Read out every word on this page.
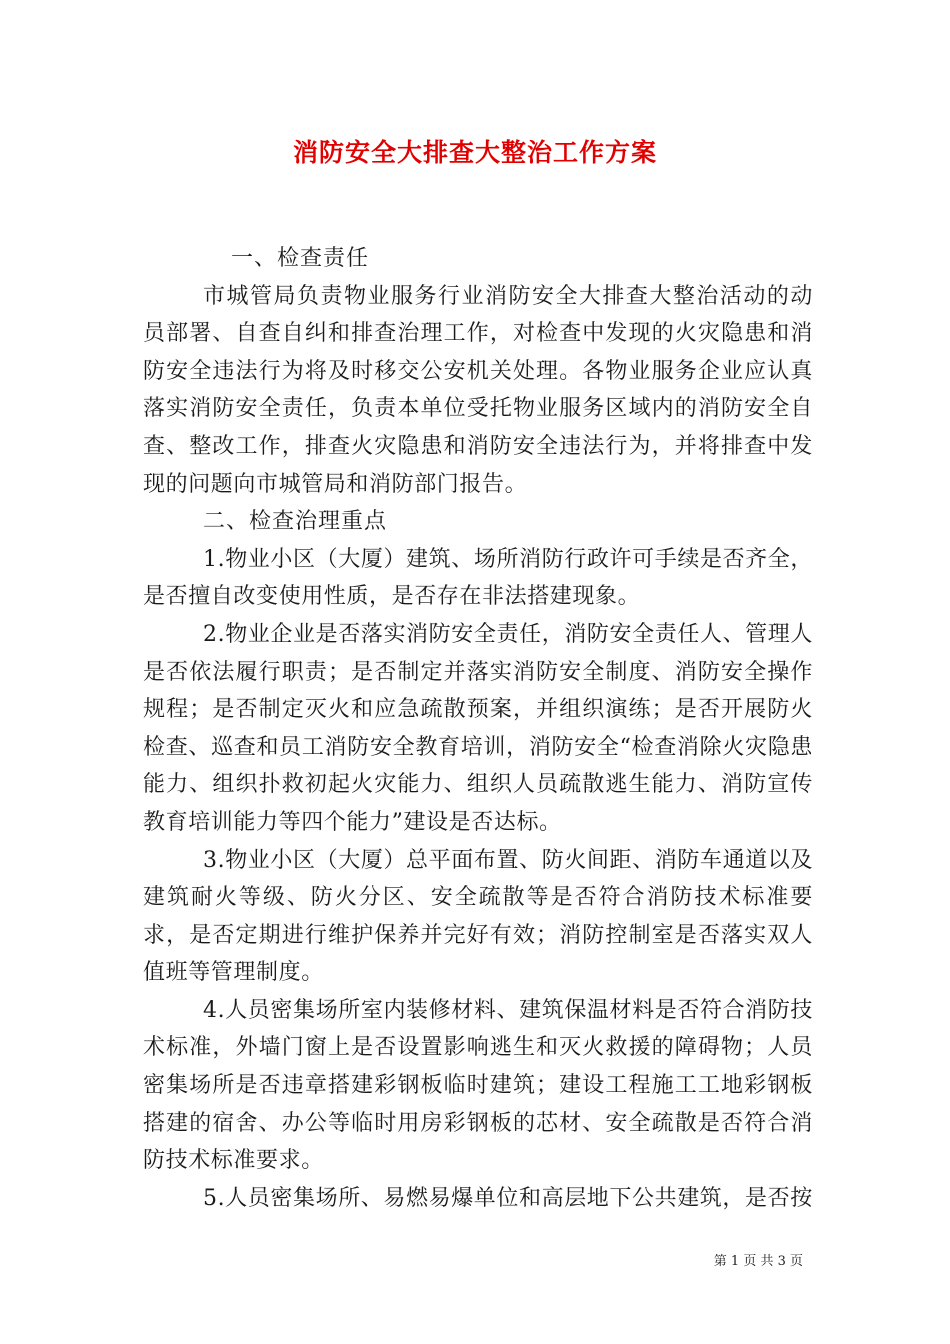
消防安全大排查大整治工作方案

一、检查责任

市城管局负责物业服务行业消防安全大排查大整治活动的动员部署、自查自纠和排查治理工作，对检查中发现的火灾隐患和消防安全违法行为将及时移交公安机关处理。各物业服务企业应认真落实消防安全责任，负责本单位受托物业服务区域内的消防安全自查、整改工作，排查火灾隐患和消防安全违法行为，并将排查中发现的问题向市城管局和消防部门报告。

二、检查治理重点

1.物业小区（大厦）建筑、场所消防行政许可手续是否齐全，是否擅自改变使用性质，是否存在非法搭建现象。

2.物业企业是否落实消防安全责任，消防安全责任人、管理人是否依法履行职责；是否制定并落实消防安全制度、消防安全操作规程；是否制定灭火和应急疏散预案，并组织演练；是否开展防火检查、巡查和员工消防安全教育培训，消防安全“检查消除火灾隐患能力、组织扑救初起火灾能力、组织人员疏散逃生能力、消防宣传教育培训能力等四个能力”建设是否达标。

3.物业小区（大厦）总平面布置、防火间距、消防车通道以及建筑耐火等级、防火分区、安全疏散等是否符合消防技术标准要求，是否定期进行维护保养并完好有效；消防控制室是否落实双人值班等管理制度。

4.人员密集场所室内装修材料、建筑保温材料是否符合消防技术标准，外墙门窗上是否设置影响逃生和灭火救援的障碍物；人员密集场所是否违章搭建彩钢板临时建筑；建设工程施工工地彩钢板搭建的宿舍、办公等临时用房彩钢板的芯材、安全疏散是否符合消防技术标准要求。

5.人员密集场所、易燃易爆单位和高层地下公共建筑，是否按

第 1 页 共 3 页
